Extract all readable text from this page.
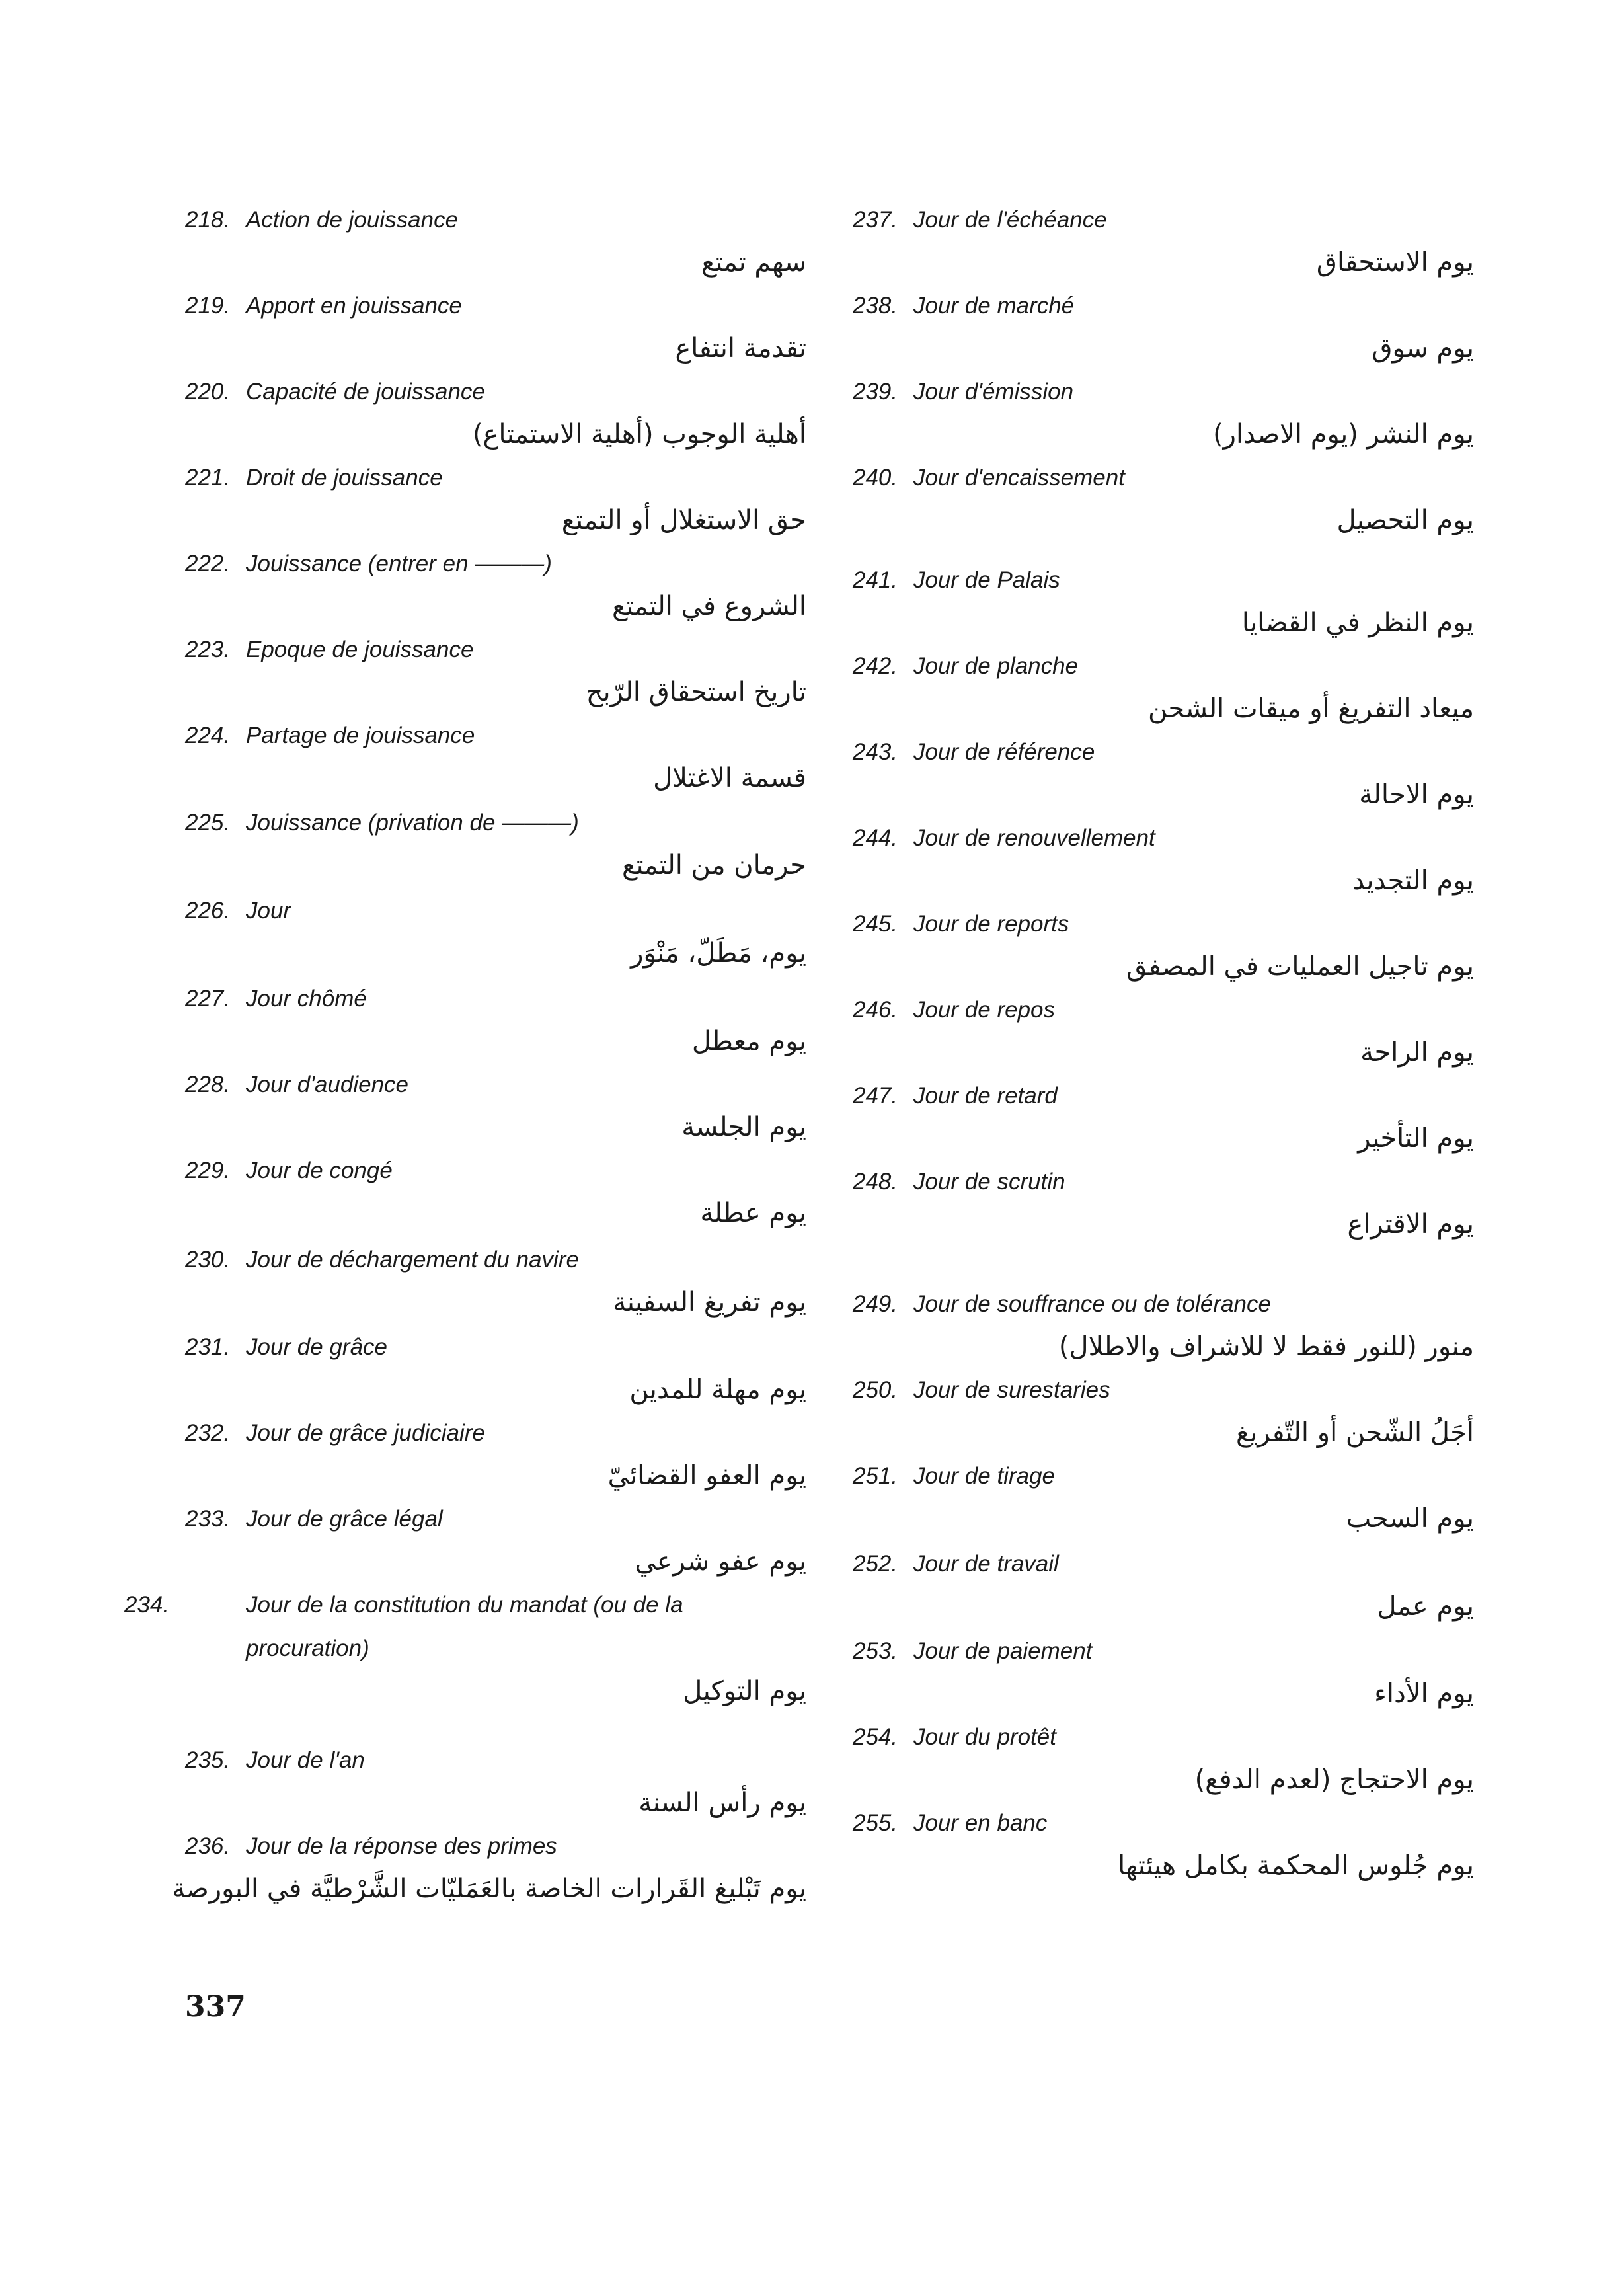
218. Action de jouissance
سهم تمتع
219. Apport en jouissance
تقدمة انتفاع
220. Capacité de jouissance
أهلية الوجوب (أهلية الاستمتاع)
221. Droit de jouissance
حق الاستغلال أو التمتع
222. Jouissance (entrer en ———)
الشروع في التمتع
223. Epoque de jouissance
تاريخ استحقاق الرّبح
224. Partage de jouissance
قسمة الاغتلال
225. Jouissance (privation de ———)
حرمان من التمتع
226. Jour
يوم، مَطَلّ، مَنْوَر
227. Jour chômé
يوم معطل
228. Jour d'audience
يوم الجلسة
229. Jour de congé
يوم عطلة
230. Jour de déchargement du navire
يوم تفريغ السفينة
231. Jour de grâce
يوم مهلة للمدين
232. Jour de grâce judiciaire
يوم العفو القضائيّ
233. Jour de grâce légal
يوم عفو شرعي
234.	Jour de la constitution du mandat (ou de la procuration)
يوم التوكيل
235. Jour de l'an
يوم رأس السنة
236. Jour de la réponse des primes
يوم تَبْليغ القَرارات الخاصة بالعَمَليّات الشَّرْطيَّة في البورصة
237. Jour de l'échéance
يوم الاستحقاق
238. Jour de marché
يوم سوق
239. Jour d'émission
يوم النشر (يوم الاصدار)
240. Jour d'encaissement
يوم التحصيل
241. Jour de Palais
يوم النظر في القضايا
242. Jour de planche
ميعاد التفريغ أو ميقات الشحن
243. Jour de référence
يوم الاحالة
244. Jour de renouvellement
يوم التجديد
245. Jour de reports
يوم تاجيل العمليات في المصفق
246. Jour de repos
يوم الراحة
247. Jour de retard
يوم التأخير
248. Jour de scrutin
يوم الاقتراع
249. Jour de souffrance ou de tolérance
منور (للنور فقط لا للاشراف والاطلال)
250. Jour de surestaries
أجَلُ الشّحن أو التّفريغ
251. Jour de tirage
يوم السحب
252. Jour de travail
يوم عمل
253. Jour de paiement
يوم الأداء
254. Jour du protêt
يوم الاحتجاج (لعدم الدفع)
255. Jour en banc
يوم جُلوس المحكمة بكامل هيئتها
337
